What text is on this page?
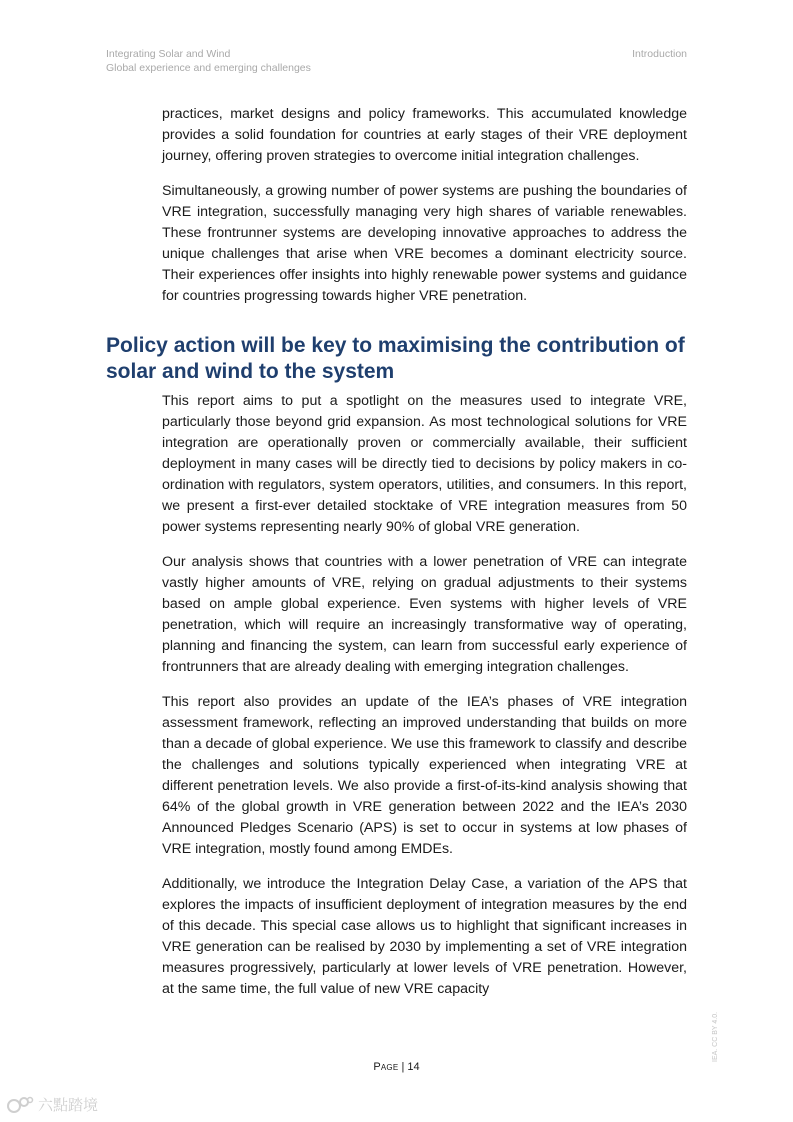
Integrating Solar and Wind
Global experience and emerging challenges
Introduction

practices, market designs and policy frameworks. This accumulated knowledge provides a solid foundation for countries at early stages of their VRE deployment journey, offering proven strategies to overcome initial integration challenges.

Simultaneously, a growing number of power systems are pushing the boundaries of VRE integration, successfully managing very high shares of variable renewables. These frontrunner systems are developing innovative approaches to address the unique challenges that arise when VRE becomes a dominant electricity source. Their experiences offer insights into highly renewable power systems and guidance for countries progressing towards higher VRE penetration.

Policy action will be key to maximising the contribution of solar and wind to the system

This report aims to put a spotlight on the measures used to integrate VRE, particularly those beyond grid expansion. As most technological solutions for VRE integration are operationally proven or commercially available, their sufficient deployment in many cases will be directly tied to decisions by policy makers in co-ordination with regulators, system operators, utilities, and consumers. In this report, we present a first-ever detailed stocktake of VRE integration measures from 50 power systems representing nearly 90% of global VRE generation.

Our analysis shows that countries with a lower penetration of VRE can integrate vastly higher amounts of VRE, relying on gradual adjustments to their systems based on ample global experience. Even systems with higher levels of VRE penetration, which will require an increasingly transformative way of operating, planning and financing the system, can learn from successful early experience of frontrunners that are already dealing with emerging integration challenges.

This report also provides an update of the IEA’s phases of VRE integration assessment framework, reflecting an improved understanding that builds on more than a decade of global experience. We use this framework to classify and describe the challenges and solutions typically experienced when integrating VRE at different penetration levels. We also provide a first-of-its-kind analysis showing that 64% of the global growth in VRE generation between 2022 and the IEA’s 2030 Announced Pledges Scenario (APS) is set to occur in systems at low phases of VRE integration, mostly found among EMDEs.

Additionally, we introduce the Integration Delay Case, a variation of the APS that explores the impacts of insufficient deployment of integration measures by the end of this decade. This special case allows us to highlight that significant increases in VRE generation can be realised by 2030 by implementing a set of VRE integration measures progressively, particularly at lower levels of VRE penetration. However, at the same time, the full value of new VRE capacity

Page | 14
IEA. CC BY 4.0.
六點踏境
